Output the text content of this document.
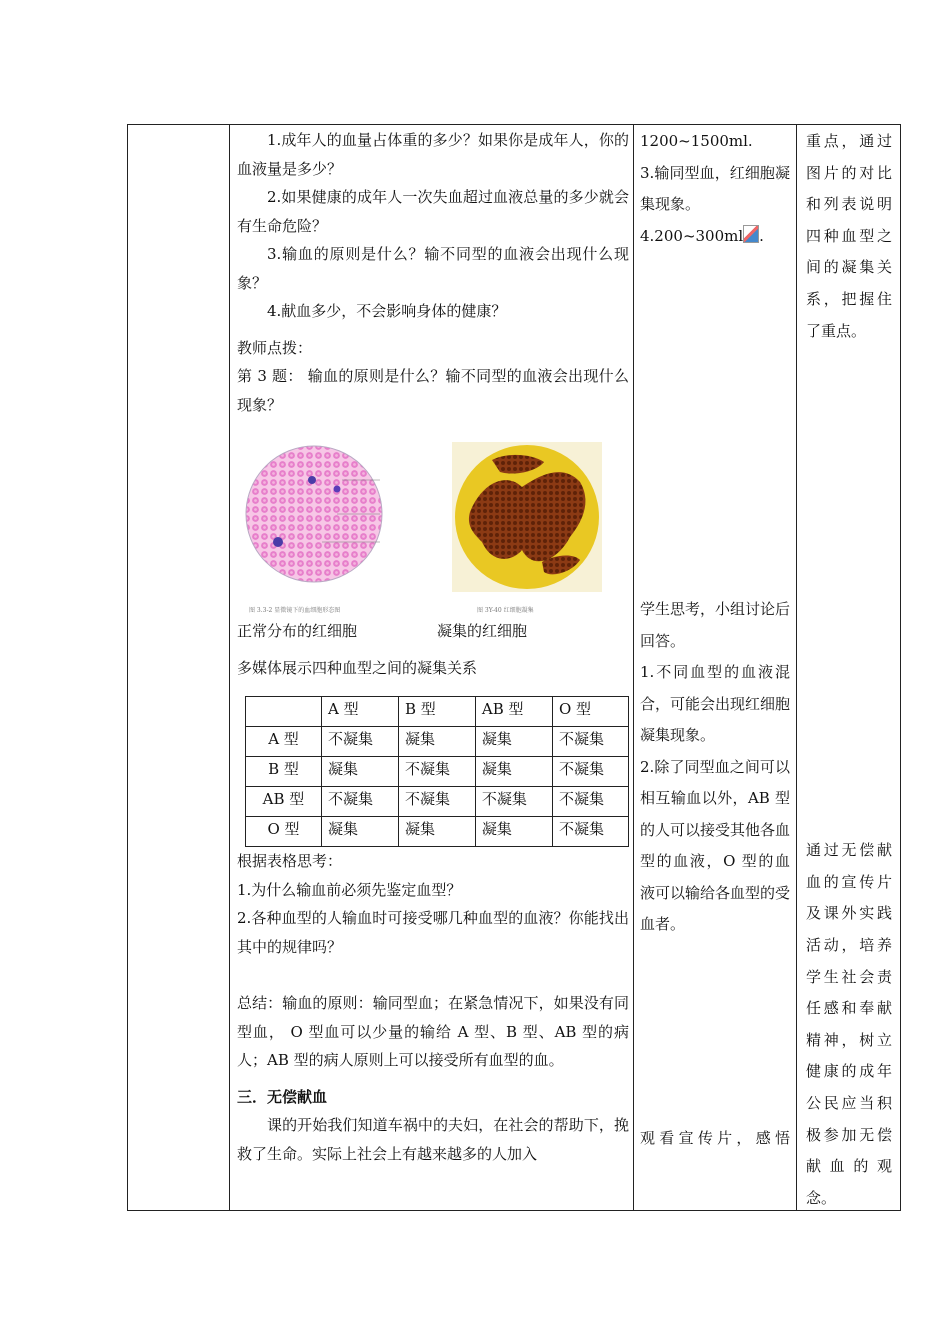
1.成年人的血量占体重的多少？如果你是成年人，你的血液量是多少？

2.如果健康的成年人一次失血超过血液总量的多少就会有生命危险？

3.输血的原则是什么？输不同型的血液会出现什么现象？

4.献血多少，不会影响身体的健康？

教师点拨：

第 3 题： 输血的原则是什么？输不同型的血液会出现什么现象？

图 3.3-2 显微镜下的血细胞形态图	图 3Y-40 红细胞凝集

正常分布的红细胞	凝集的红细胞

多媒体展示四种血型之间的凝集关系

	A 型	B 型	AB 型	O 型
A 型	不凝集	凝集	凝集	不凝集
B 型	凝集	不凝集	凝集	不凝集
AB 型	不凝集	不凝集	不凝集	不凝集
O 型	凝集	凝集	凝集	不凝集

根据表格思考：

1.为什么输血前必须先鉴定血型？

2.各种血型的人输血时可接受哪几种血型的血液？你能找出其中的规律吗？

总结：输血的原则：输同型血；在紧急情况下，如果没有同型血， O 型血可以少量的输给 A 型、B 型、AB 型的病人；AB 型的病人原则上可以接受所有血型的血。

三．无偿献血

课的开始我们知道车祸中的夫妇，在社会的帮助下，挽救了生命。实际上社会上有越来越多的人加入

1200~1500ml.

3.输同型血，红细胞凝集现象。

4.200~300ml .

学生思考，小组讨论后回答。

1.不同血型的血液混合，可能会出现红细胞凝集现象。

2.除了同型血之间可以相互输血以外，AB 型的人可以接受其他各血型的血液，O 型的血液可以输给各血型的受血者。

观看宣传片，感悟

重点，通过图片的对比和列表说明四种血型之间的凝集关系，把握住了重点。

通过无偿献血的宣传片及课外实践活动，培养学生社会责任感和奉献精神，树立健康的成年公民应当积极参加无偿献血的观念。
